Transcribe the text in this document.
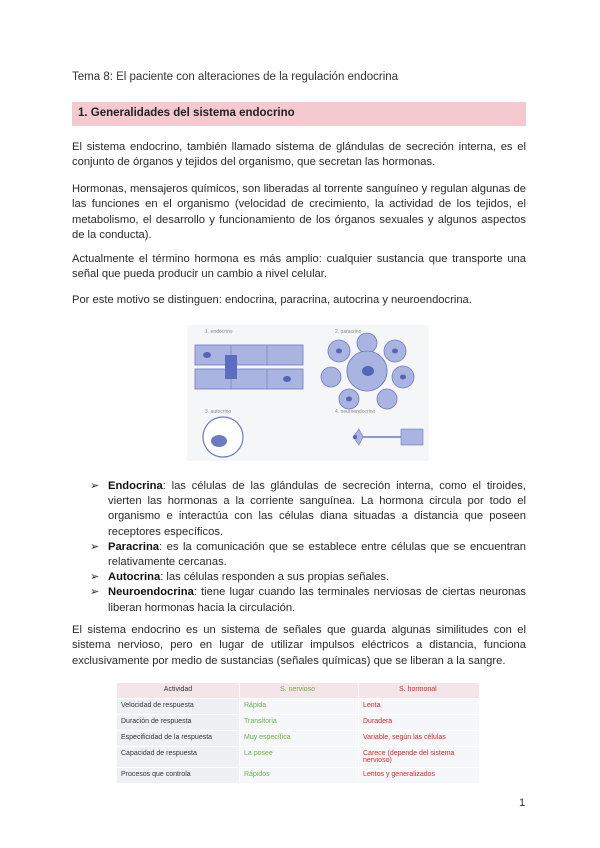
Tema 8: El paciente con alteraciones de la regulación endocrina
1. Generalidades del sistema endocrino
El sistema endocrino, también llamado sistema de glándulas de secreción interna, es el conjunto de órganos y tejidos del organismo, que secretan las hormonas.
Hormonas, mensajeros químicos, son liberadas al torrente sanguíneo y regulan algunas de las funciones en el organismo (velocidad de crecimiento, la actividad de los tejidos, el metabolismo, el desarrollo y funcionamiento de los órganos sexuales y algunos aspectos de la conducta).
Actualmente el término hormona es más amplio: cualquier sustancia que transporte una señal que pueda producir un cambio a nivel celular.
Por este motivo se distinguen: endocrina, paracrina, autocrina y neuroendocrina.
1. endocrino	2. paracrino
3. autocrino	4. neuroendocrino
➢ Endocrina: las células de las glándulas de secreción interna, como el tiroides, vierten las hormonas a la corriente sanguínea. La hormona circula por todo el organismo e interactúa con las células diana situadas a distancia que poseen receptores específicos.
➢ Paracrina: es la comunicación que se establece entre células que se encuentran relativamente cercanas.
➢ Autocrina: las células responden a sus propias señales.
➢ Neuroendocrina: tiene lugar cuando las terminales nerviosas de ciertas neuronas liberan hormonas hacia la circulación.
El sistema endocrino es un sistema de señales que guarda algunas similitudes con el sistema nervioso, pero en lugar de utilizar impulsos eléctricos a distancia, funciona exclusivamente por medio de sustancias (señales químicas) que se liberan a la sangre.
Actividad	S. nervioso	S. hormonal
Velocidad de respuesta	Rápida	Lenta
Duración de respuesta	Transitoria	Duradera
Especificidad de la respuesta	Muy específica	Variable, según las células
Capacidad de respuesta	La posee	Carece (depende del sistema nervioso)
Procesos que controla	Rápidos	Lentos y generalizados
1
